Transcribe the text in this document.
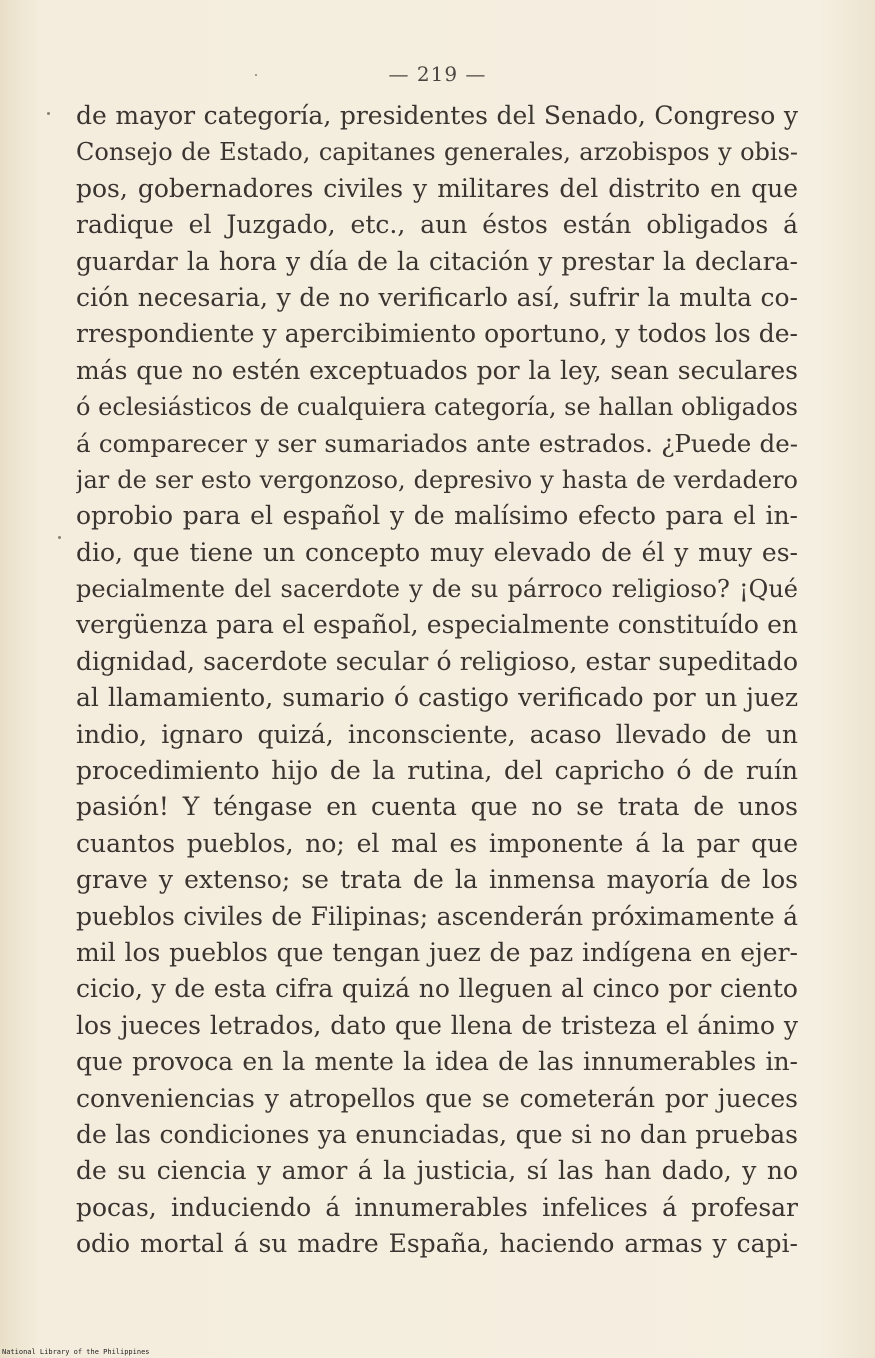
— 219 —
de mayor categoría, presidentes del Senado, Congreso y
Consejo de Estado, capitanes generales, arzobispos y obis-
pos, gobernadores civiles y militares del distrito en que
radique el Juzgado, etc., aun éstos están obligados á
guardar la hora y día de la citación y prestar la declara-
ción necesaria, y de no verificarlo así, sufrir la multa co-
rrespondiente y apercibimiento oportuno, y todos los de-
más que no estén exceptuados por la ley, sean seculares
ó eclesiásticos de cualquiera categoría, se hallan obligados
á comparecer y ser sumariados ante estrados. ¿Puede de-
jar de ser esto vergonzoso, depresivo y hasta de verdadero
oprobio para el español y de malísimo efecto para el in-
dio, que tiene un concepto muy elevado de él y muy es-
pecialmente del sacerdote y de su párroco religioso? ¡Qué
vergüenza para el español, especialmente constituído en
dignidad, sacerdote secular ó religioso, estar supeditado
al llamamiento, sumario ó castigo verificado por un juez
indio, ignaro quizá, inconsciente, acaso llevado de un
procedimiento hijo de la rutina, del capricho ó de ruín
pasión! Y téngase en cuenta que no se trata de unos
cuantos pueblos, no; el mal es imponente á la par que
grave y extenso; se trata de la inmensa mayoría de los
pueblos civiles de Filipinas; ascenderán próximamente á
mil los pueblos que tengan juez de paz indígena en ejer-
cicio, y de esta cifra quizá no lleguen al cinco por ciento
los jueces letrados, dato que llena de tristeza el ánimo y
que provoca en la mente la idea de las innumerables in-
conveniencias y atropellos que se cometerán por jueces
de las condiciones ya enunciadas, que si no dan pruebas
de su ciencia y amor á la justicia, sí las han dado, y no
pocas, induciendo á innumerables infelices á profesar
odio mortal á su madre España, haciendo armas y capi-
National Library of the Philippines
